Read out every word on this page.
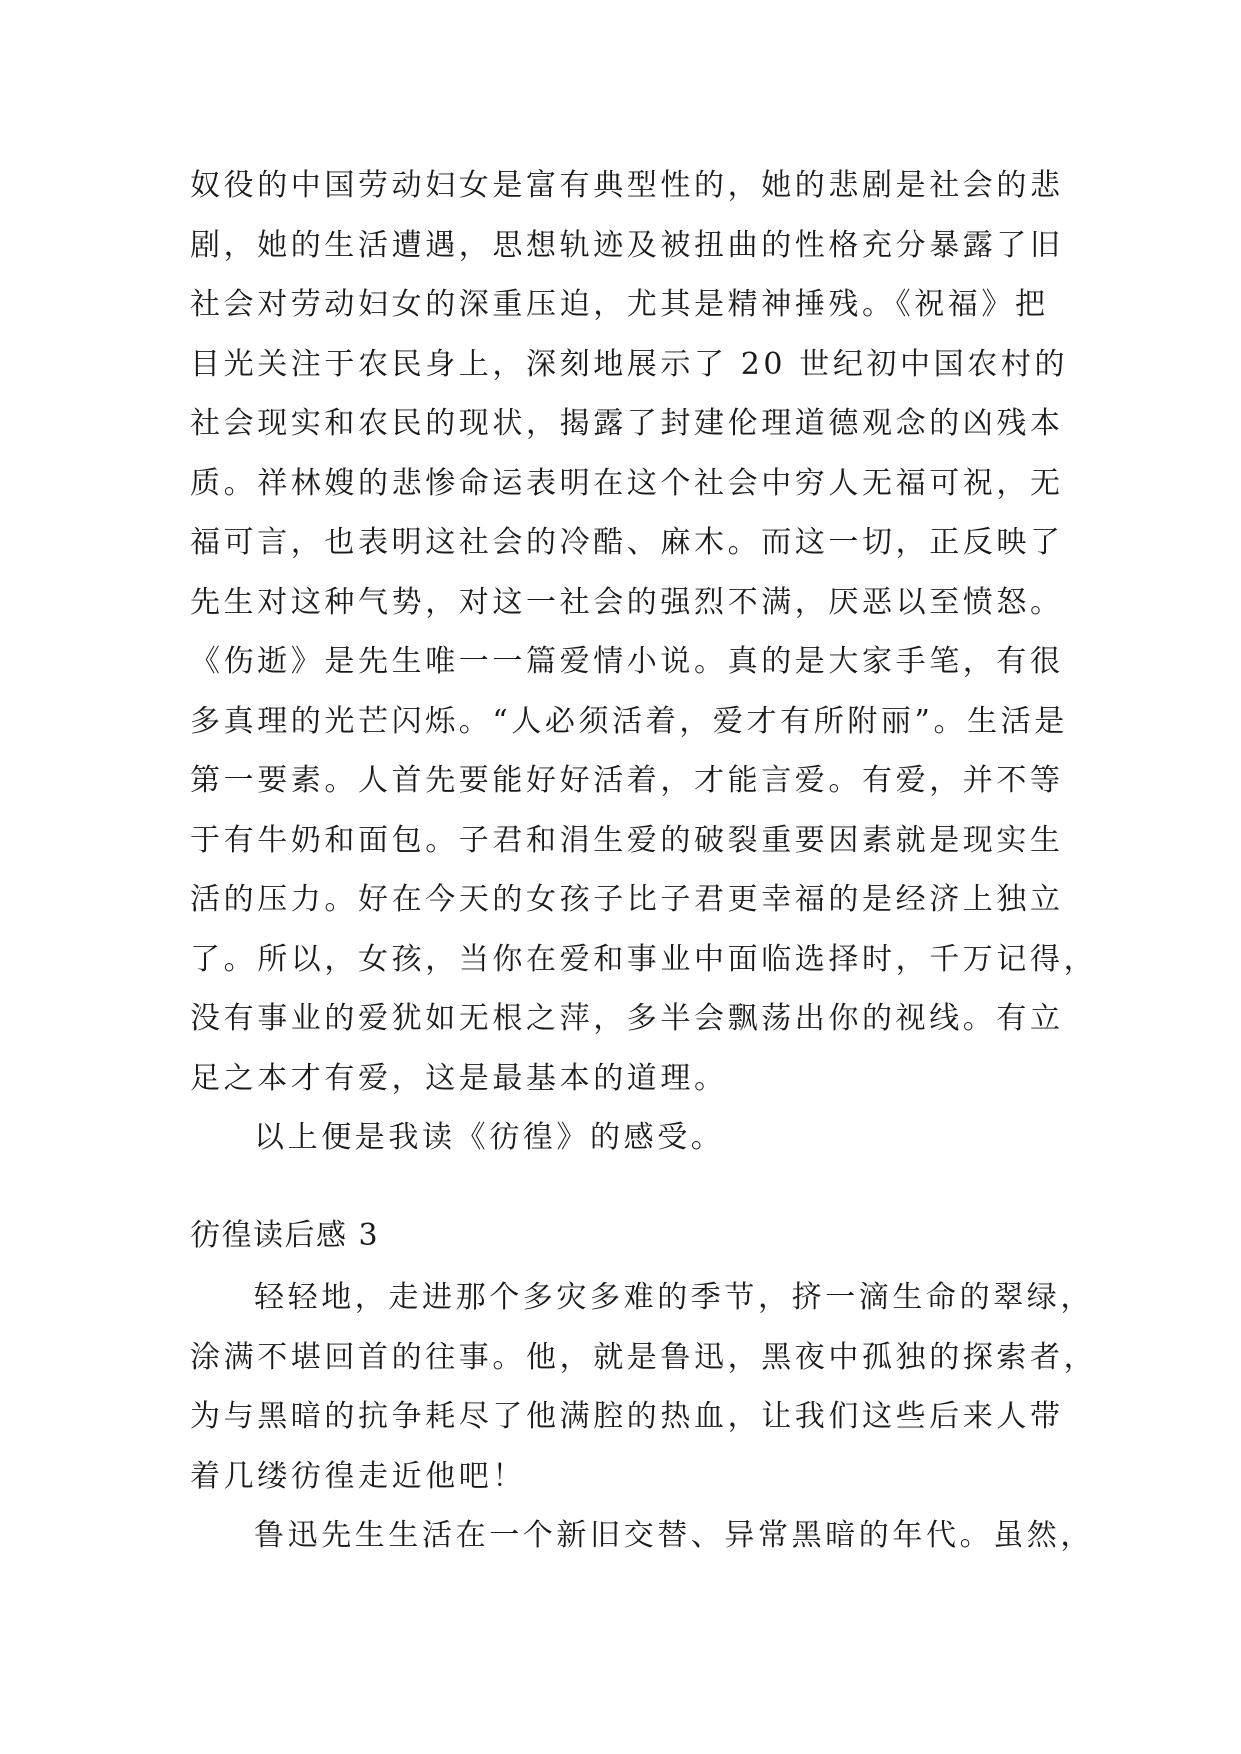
奴役的中国劳动妇女是富有典型性的，她的悲剧是社会的悲
剧，她的生活遭遇，思想轨迹及被扭曲的性格充分暴露了旧
社会对劳动妇女的深重压迫，尤其是精神捶残。《祝福》把
目光关注于农民身上，深刻地展示了 20 世纪初中国农村的
社会现实和农民的现状，揭露了封建伦理道德观念的凶残本
质。祥林嫂的悲惨命运表明在这个社会中穷人无福可祝，无
福可言，也表明这社会的冷酷、麻木。而这一切，正反映了
先生对这种气势，对这一社会的强烈不满，厌恶以至愤怒。
《伤逝》是先生唯一一篇爱情小说。真的是大家手笔，有很
多真理的光芒闪烁。“人必须活着，爱才有所附丽”。生活是
第一要素。人首先要能好好活着，才能言爱。有爱，并不等
于有牛奶和面包。子君和涓生爱的破裂重要因素就是现实生
活的压力。好在今天的女孩子比子君更幸福的是经济上独立
了。所以，女孩，当你在爱和事业中面临选择时，千万记得，
没有事业的爱犹如无根之萍，多半会飘荡出你的视线。有立
足之本才有爱，这是最基本的道理。
以上便是我读《彷徨》的感受。
彷徨读后感 3
轻轻地，走进那个多灾多难的季节，挤一滴生命的翠绿，
涂满不堪回首的往事。他，就是鲁迅，黑夜中孤独的探索者，
为与黑暗的抗争耗尽了他满腔的热血，让我们这些后来人带
着几缕彷徨走近他吧！
鲁迅先生生活在一个新旧交替、异常黑暗的年代。虽然，
